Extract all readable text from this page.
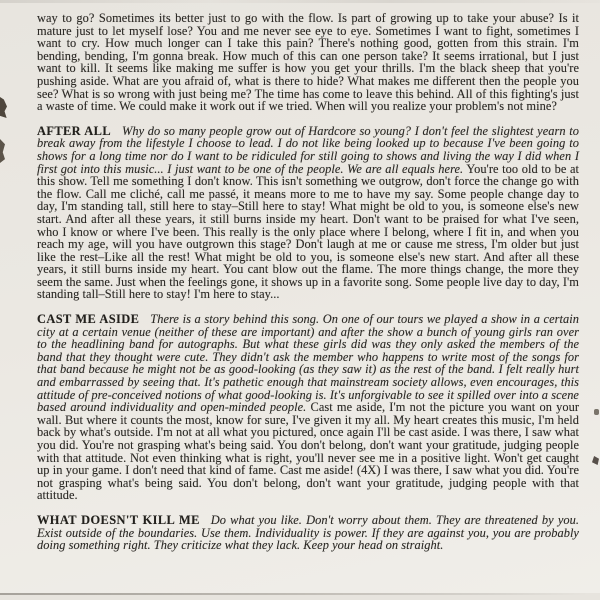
way to go? Sometimes its better just to go with the flow. Is part of growing up to take your abuse? Is it mature just to let myself lose? You and me never see eye to eye. Sometimes I want to fight, sometimes I want to cry. How much longer can I take this pain? There's nothing good, gotten from this strain. I'm bending, bending, I'm gonna break. How much of this can one person take? It seems irrational, but I just want to kill. It seems like making me suffer is how you get your thrills. I'm the black sheep that you're pushing aside. What are you afraid of, what is there to hide? What makes me different then the people you see? What is so wrong with just being me? The time has come to leave this behind. All of this fighting's just a waste of time. We could make it work out if we tried. When will you realize your problem's not mine?

AFTER ALL Why do so many people grow out of Hardcore so young? I don't feel the slightest yearn to break away from the lifestyle I choose to lead. I do not like being looked up to because I've been going to shows for a long time nor do I want to be ridiculed for still going to shows and living the way I did when I first got into this music... I just want to be one of the people. We are all equals here. You're too old to be at this show. Tell me something I don't know. This isn't something we outgrow, don't force the change go with the flow. Call me cliché, call me passé, it means more to me to have my say. Some people change day to day, I'm standing tall, still here to stay–Still here to stay! What might be old to you, is someone else's new start. And after all these years, it still burns inside my heart. Don't want to be praised for what I've seen, who I know or where I've been. This really is the only place where I belong, where I fit in, and when you reach my age, will you have outgrown this stage? Don't laugh at me or cause me stress, I'm older but just like the rest–Like all the rest! What might be old to you, is someone else's new start. And after all these years, it still burns inside my heart. You cant blow out the flame. The more things change, the more they seem the same. Just when the feelings gone, it shows up in a favorite song. Some people live day to day, I'm standing tall–Still here to stay! I'm here to stay...

CAST ME ASIDE There is a story behind this song. On one of our tours we played a show in a certain city at a certain venue (neither of these are important) and after the show a bunch of young girls ran over to the headlining band for autographs. But what these girls did was they only asked the members of the band that they thought were cute. They didn't ask the member who happens to write most of the songs for that band because he might not be as good-looking (as they saw it) as the rest of the band. I felt really hurt and embarrassed by seeing that. It's pathetic enough that mainstream society allows, even encourages, this attitude of pre-conceived notions of what good-looking is. It's unforgivable to see it spilled over into a scene based around individuality and open-minded people. Cast me aside, I'm not the picture you want on your wall. But where it counts the most, know for sure, I've given it my all. My heart creates this music, I'm held back by what's outside. I'm not at all what you pictured, once again I'll be cast aside. I was there, I saw what you did. You're not grasping what's being said. You don't belong, don't want your gratitude, judging people with that attitude. Not even thinking what is right, you'll never see me in a positive light. Won't get caught up in your game. I don't need that kind of fame. Cast me aside! (4X) I was there, I saw what you did. You're not grasping what's being said. You don't belong, don't want your gratitude, judging people with that attitude.

WHAT DOESN'T KILL ME Do what you like. Don't worry about them. They are threatened by you. Exist outside of the boundaries. Use them. Individuality is power. If they are against you, you are probably doing something right. They criticize what they lack. Keep your head on straight.
